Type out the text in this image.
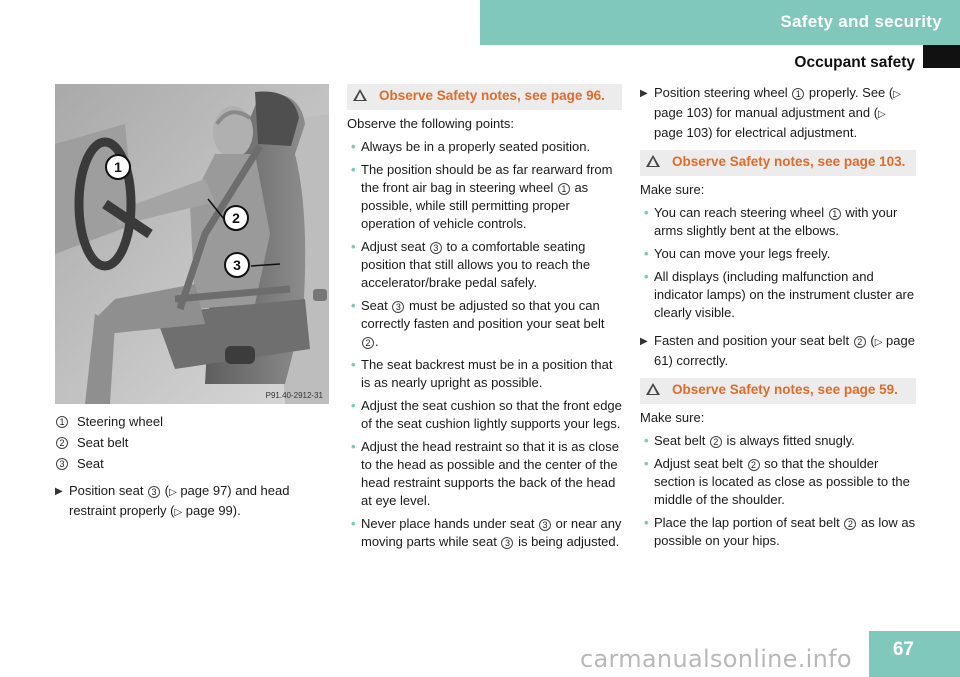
Safety and security
Occupant safety
1
2
3
P91.40-2912-31
1 Steering wheel
2 Seat belt
3 Seat
▶ Position seat 3 (▷ page 97) and head restraint properly (▷ page 99).

Observe Safety notes, see page 96.

Observe the following points:

• Always be in a properly seated position.

• The position should be as far rearward from the front air bag in steering wheel 1 as possible, while still permitting proper operation of vehicle controls.

• Adjust seat 3 to a comfortable seating position that still allows you to reach the accelerator/brake pedal safely.

• Seat 3 must be adjusted so that you can correctly fasten and position your seat belt 2 .

• The seat backrest must be in a position that is as nearly upright as possible.

• Adjust the seat cushion so that the front edge of the seat cushion lightly supports your legs.

• Adjust the head restraint so that it is as close to the head as possible and the center of the head restraint supports the back of the head at eye level.

• Never place hands under seat 3 or near any moving parts while seat 3 is being adjusted.

▶ Position steering wheel 1 properly. See (▷ page 103) for manual adjustment and (▷ page 103) for electrical adjustment.

Observe Safety notes, see page 103.

Make sure:

• You can reach steering wheel 1 with your arms slightly bent at the elbows.

• You can move your legs freely.

• All displays (including malfunction and indicator lamps) on the instrument cluster are clearly visible.

▶ Fasten and position your seat belt 2 (▷ page 61) correctly.

Observe Safety notes, see page 59.

Make sure:

• Seat belt 2 is always fitted snugly.

• Adjust seat belt 2 so that the shoulder section is located as close as possible to the middle of the shoulder.

• Place the lap portion of seat belt 2 as low as possible on your hips.

67
carmanualsonline.info
